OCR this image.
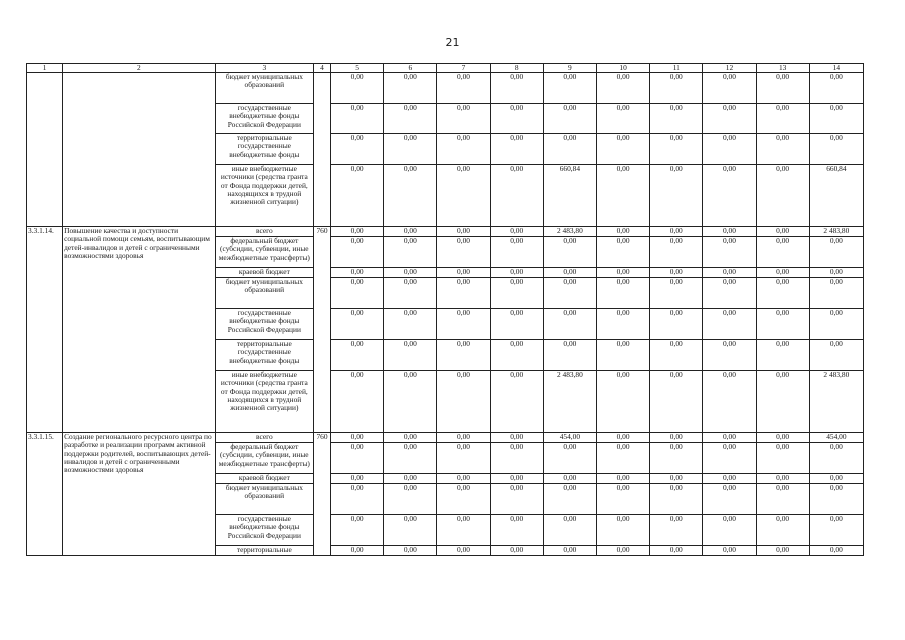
21
1	2	3	4	5	6	7	8	9	10	11	12	13	14
		бюджет муниципальных образований		0,00	0,00	0,00	0,00	0,00	0,00	0,00	0,00	0,00	0,00
		государственные внебюджетные фонды Российской Федерации		0,00	0,00	0,00	0,00	0,00	0,00	0,00	0,00	0,00	0,00
		территориальные государственные внебюджетные фонды		0,00	0,00	0,00	0,00	0,00	0,00	0,00	0,00	0,00	0,00
		иные внебюджетные источники (средства гранта от Фонда поддержки детей, находящихся в трудной жизненной ситуации)		0,00	0,00	0,00	0,00	660,84	0,00	0,00	0,00	0,00	660,84
3.3.1.14.	Повышение качества и доступности социальной помощи семьям, воспитывающим детей-инвалидов и детей с ограниченными возможностями здоровья	всего	760	0,00	0,00	0,00	0,00	2 483,80	0,00	0,00	0,00	0,00	2 483,80
		федеральный бюджет (субсидии, субвенции, иные межбюджетные трансферты)		0,00	0,00	0,00	0,00	0,00	0,00	0,00	0,00	0,00	0,00
		краевой бюджет		0,00	0,00	0,00	0,00	0,00	0,00	0,00	0,00	0,00	0,00
		бюджет муниципальных образований		0,00	0,00	0,00	0,00	0,00	0,00	0,00	0,00	0,00	0,00
		государственные внебюджетные фонды Российской Федерации		0,00	0,00	0,00	0,00	0,00	0,00	0,00	0,00	0,00	0,00
		территориальные государственные внебюджетные фонды		0,00	0,00	0,00	0,00	0,00	0,00	0,00	0,00	0,00	0,00
		иные внебюджетные источники (средства гранта от Фонда поддержки детей, находящихся в трудной жизненной ситуации)		0,00	0,00	0,00	0,00	2 483,80	0,00	0,00	0,00	0,00	2 483,80
3.3.1.15.	Создание регионального ресурсного центра по разработке и реализации программ активной поддержки родителей, воспитывающих детей-инвалидов и детей с ограниченными возможностями здоровья	всего	760	0,00	0,00	0,00	0,00	454,00	0,00	0,00	0,00	0,00	454,00
		федеральный бюджет (субсидии, субвенции, иные межбюджетные трансферты)		0,00	0,00	0,00	0,00	0,00	0,00	0,00	0,00	0,00	0,00
		краевой бюджет		0,00	0,00	0,00	0,00	0,00	0,00	0,00	0,00	0,00	0,00
		бюджет муниципальных образований		0,00	0,00	0,00	0,00	0,00	0,00	0,00	0,00	0,00	0,00
		государственные внебюджетные фонды Российской Федерации		0,00	0,00	0,00	0,00	0,00	0,00	0,00	0,00	0,00	0,00
		территориальные		0,00	0,00	0,00	0,00	0,00	0,00	0,00	0,00	0,00	0,00
